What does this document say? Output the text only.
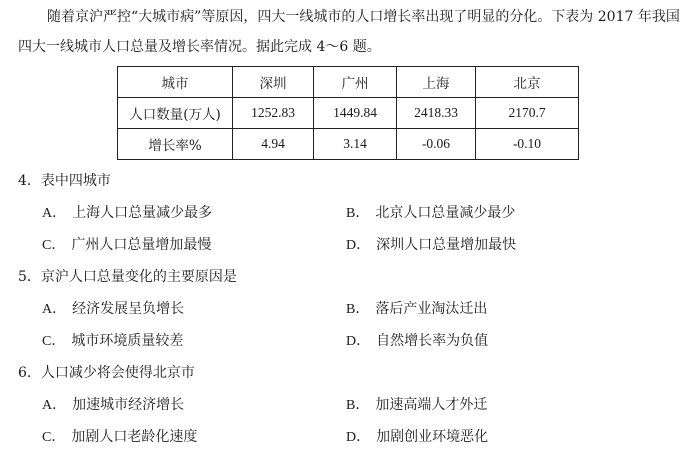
随着京沪严控“大城市病”等原因，四大一线城市的人口增长率出现了明显的分化。下表为 2017 年我国
四大一线城市人口总量及增长率情况。据此完成 4～6 题。
城市	深圳	广州	上海	北京
人口数量(万人)	1252.83	1449.84	2418.33	2170.7
增长率%	4.94	3.14	-0.06	-0.10
4．表中四城市
A． 上海人口总量减少最多	B． 北京人口总量减少最少
C． 广州人口总量增加最慢	D． 深圳人口总量增加最快
5．京沪人口总量变化的主要原因是
A． 经济发展呈负增长	B． 落后产业淘汰迁出
C． 城市环境质量较差	D． 自然增长率为负值
6．人口减少将会使得北京市
A． 加速城市经济增长	B． 加速高端人才外迁
C． 加剧人口老龄化速度	D． 加剧创业环境恶化
